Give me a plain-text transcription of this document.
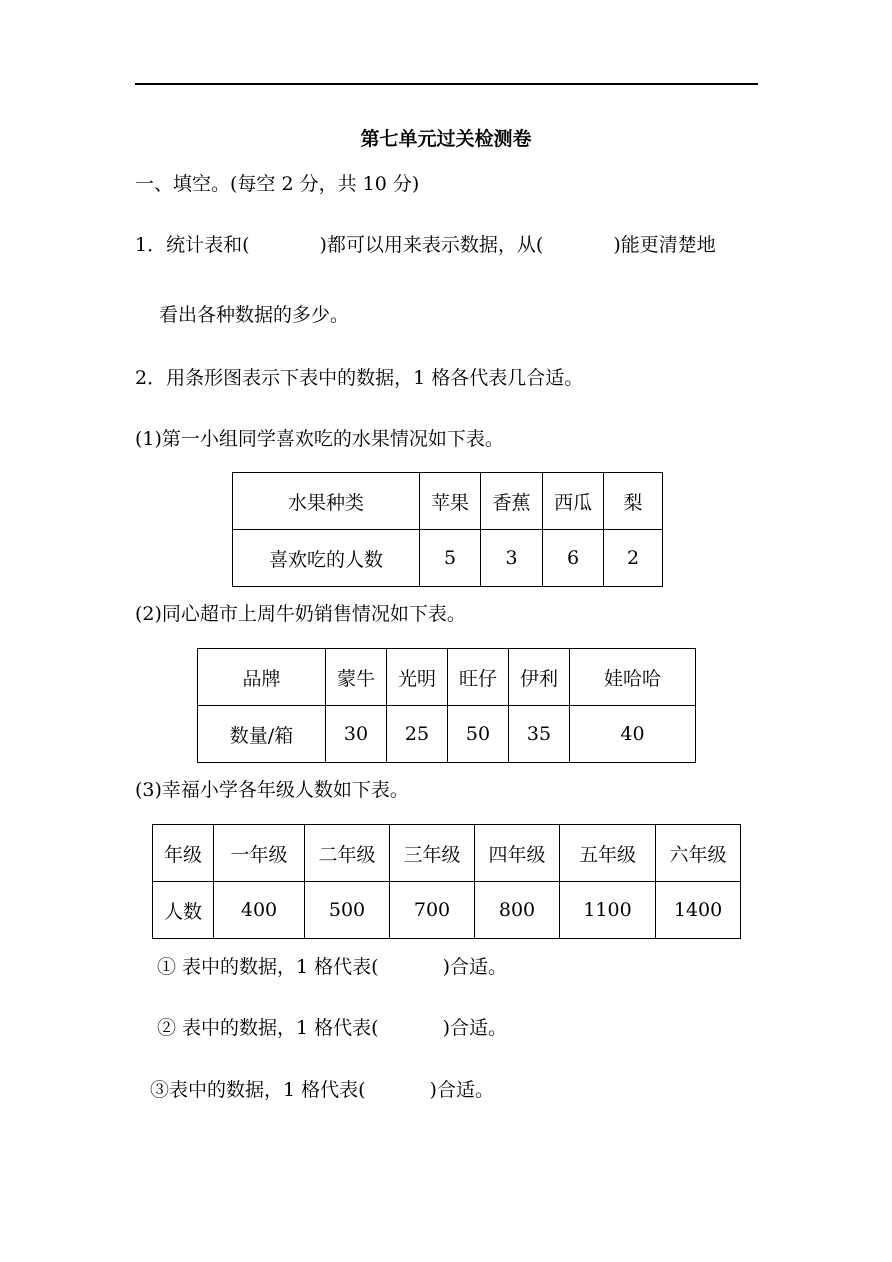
第七单元过关检测卷
一、填空。(每空 2 分，共 10 分)
1．统计表和(	)都可以用来表示数据，从(	)能更清楚地
看出各种数据的多少。
2．用条形图表示下表中的数据，1 格各代表几合适。
(1)第一小组同学喜欢吃的水果情况如下表。
水果种类	苹果	香蕉	西瓜	梨
喜欢吃的人数	5	3	6	2
(2)同心超市上周牛奶销售情况如下表。
品牌	蒙牛	光明	旺仔	伊利	娃哈哈
数量/箱	30	25	50	35	40
(3)幸福小学各年级人数如下表。
年级	一年级	二年级	三年级	四年级	五年级	六年级
人数	400	500	700	800	1100	1400
① 表中的数据，1 格代表(	)合适。
② 表中的数据，1 格代表(	)合适。
③表中的数据，1 格代表(	)合适。
